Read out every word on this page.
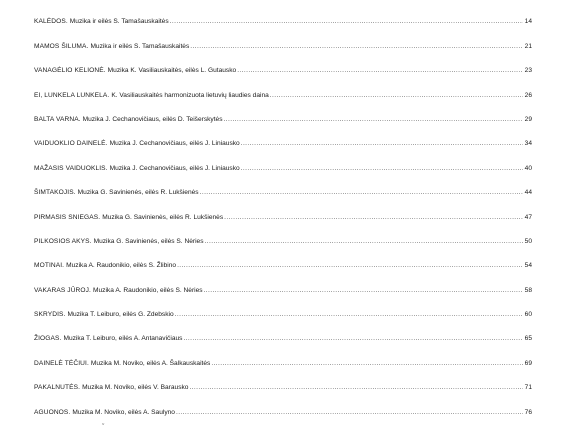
.....
KALĖDOS. Muzika ir eilės S. Tamašauskaitės .....	14
MAMOS ŠILUMA. Muzika ir eilės S. Tamašauskaitės .....	21
VANAGĖLIO KELIONĖ. Muzika K. Vasiliauskaitės, eilės L. Gutausko .....	23
EI, LUNKELA LUNKELA. K. Vasiliauskaitės harmonizuota lietuvių liaudies daina .....	26
BALTA VARNA. Muzika J. Cechanovičiaus, eilės D. Teišerskytės .....	29
VAIDUOKLIO DAINELĖ. Muzika J. Cechanovičiaus, eilės J. Liniausko .....	34
MAŽASIS VAIDUOKLIS. Muzika J. Cechanovičiaus, eilės J. Liniausko .....	40
ŠIMTAKOJIS. Muzika G. Savinienės, eilės R. Lukšienės .....	44
PIRMASIS SNIEGAS. Muzika G. Savinienės, eilės R. Lukšienės .....	47
PILKOSIOS AKYS. Muzika G. Savinienės, eilės S. Nėries .....	50
MOTINAI. Muzika A. Raudonikio, eilės S. Žlibino .....	54
VAKARAS JŪROJ. Muzika A. Raudonikio, eilės S. Nėries .....	58
SKRYDIS. Muzika T. Leiburo, eilės G. Zdebskio .....	60
ŽIOGAS. Muzika T. Leiburo, eilės A. Antanavičiaus .....	65
DAINELĖ TĖČIUI. Muzika M. Noviko, eilės A. Šalkauskaitės .....	69
PAKALNUTĖS. Muzika M. Noviko, eilės V. Barausko .....	71
AGUONOS. Muzika M. Noviko, eilės A. Saulyno .....	76
ˇ
